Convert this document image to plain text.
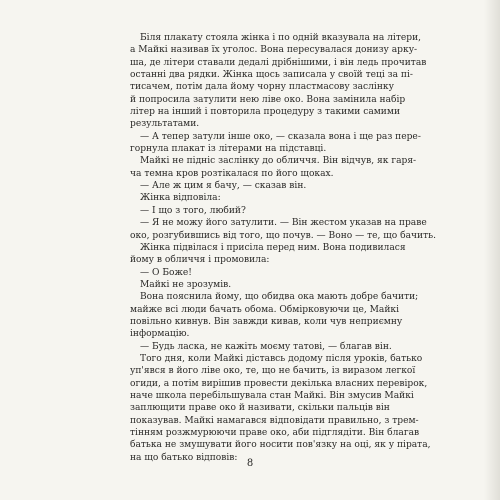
Біля плакату стояла жінка і по одній вказувала на літери,
а Майкі називав їх уголос. Вона пересувалася донизу арку-
ша, де літери ставали дедалі дрібнішими, і він ледь прочитав
останні два рядки. Жінка щось записала у своїй теці за пі-
тисачем, потім дала йому чорну пластмасову заслінку
й попросила затулити нею ліве око. Вона замінила набір
літер на інший і повторила процедуру з такими самими
результатами.
— А тепер затули інше око, — сказала вона і ще раз пере-
горнула плакат із літерами на підставці.
Майкі не підніс заслінку до обличчя. Він відчув, як гаря-
ча темна кров розтікалася по його щоках.
— Але ж цим я бачу, — сказав він.
Жінка відповіла:
— І що з того, любий?
— Я не можу його затулити. — Він жестом указав на праве
око, розгубившись від того, що почув. — Воно — те, що бачить.
Жінка підвілася і присіла перед ним. Вона подивилася
йому в обличчя і промовила:
— О Боже!
Майкі не зрозумів.
Вона пояснила йому, що обидва ока мають добре бачити;
майже всі люди бачать обома. Обмірковуючи це, Майкі
повільно кивнув. Він завжди кивав, коли чув неприємну
інформацію.
— Будь ласка, не кажіть моєму татові, — благав він.
Того дня, коли Майкі діставсь додому після уроків, батько
уп'явся в його ліве око, те, що не бачить, із виразом легкої
огиди, а потім вирішив провести декілька власних перевірок,
наче школа перебільшувала стан Майкі. Він змусив Майкі
заплющити праве око й називати, скільки пальців він
показував. Майкі намагався відповідати правильно, з трем-
тінням розжмурюючи праве око, аби підглядіти. Він благав
батька не змушувати його носити пов'язку на оці, як у пірата,
на що батько відповів:
8
